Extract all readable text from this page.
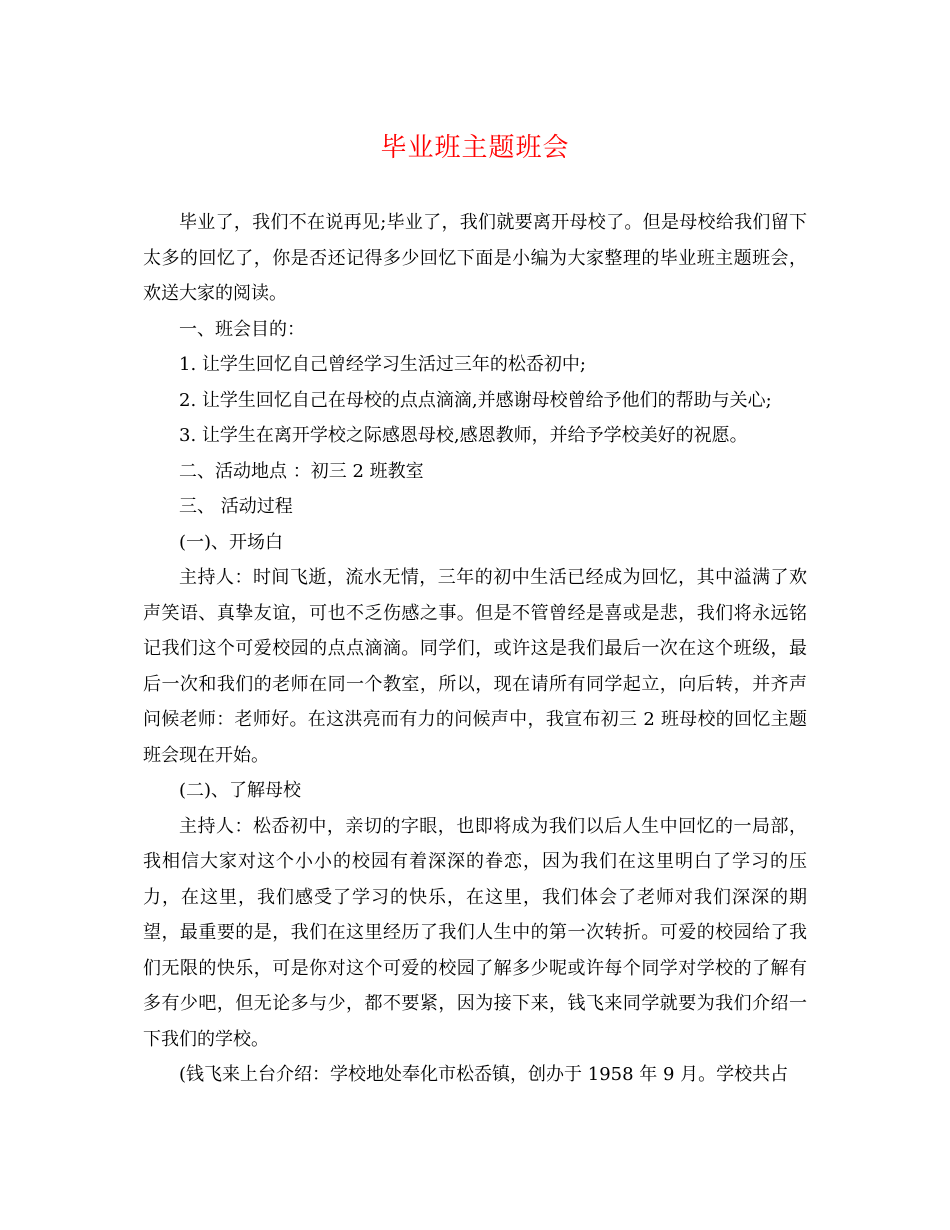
毕业班主题班会

毕业了，我们不在说再见;毕业了，我们就要离开母校了。但是母校给我们留下太多的回忆了，你是否还记得多少回忆下面是小编为大家整理的毕业班主题班会，欢送大家的阅读。

一、班会目的：

1. 让学生回忆自己曾经学习生活过三年的松岙初中;

2. 让学生回忆自己在母校的点点滴滴,并感谢母校曾给予他们的帮助与关心;

3. 让学生在离开学校之际感恩母校,感恩教师，并给予学校美好的祝愿。

二、活动地点 ：初三 2 班教室

三、 活动过程

(一)、开场白

主持人：时间飞逝，流水无情，三年的初中生活已经成为回忆，其中溢满了欢声笑语、真挚友谊，可也不乏伤感之事。但是不管曾经是喜或是悲，我们将永远铭记我们这个可爱校园的点点滴滴。同学们，或许这是我们最后一次在这个班级，最后一次和我们的老师在同一个教室，所以，现在请所有同学起立，向后转，并齐声问候老师：老师好。在这洪亮而有力的问候声中，我宣布初三 2 班母校的回忆主题班会现在开始。

(二)、了解母校

主持人：松岙初中，亲切的字眼，也即将成为我们以后人生中回忆的一局部，我相信大家对这个小小的校园有着深深的眷恋，因为我们在这里明白了学习的压力，在这里，我们感受了学习的快乐，在这里，我们体会了老师对我们深深的期望，最重要的是，我们在这里经历了我们人生中的第一次转折。可爱的校园给了我们无限的快乐，可是你对这个可爱的校园了解多少呢或许每个同学对学校的了解有多有少吧，但无论多与少，都不要紧，因为接下来，钱飞来同学就要为我们介绍一下我们的学校。

(钱飞来上台介绍：学校地处奉化市松岙镇，创办于 1958 年 9 月。学校共占
